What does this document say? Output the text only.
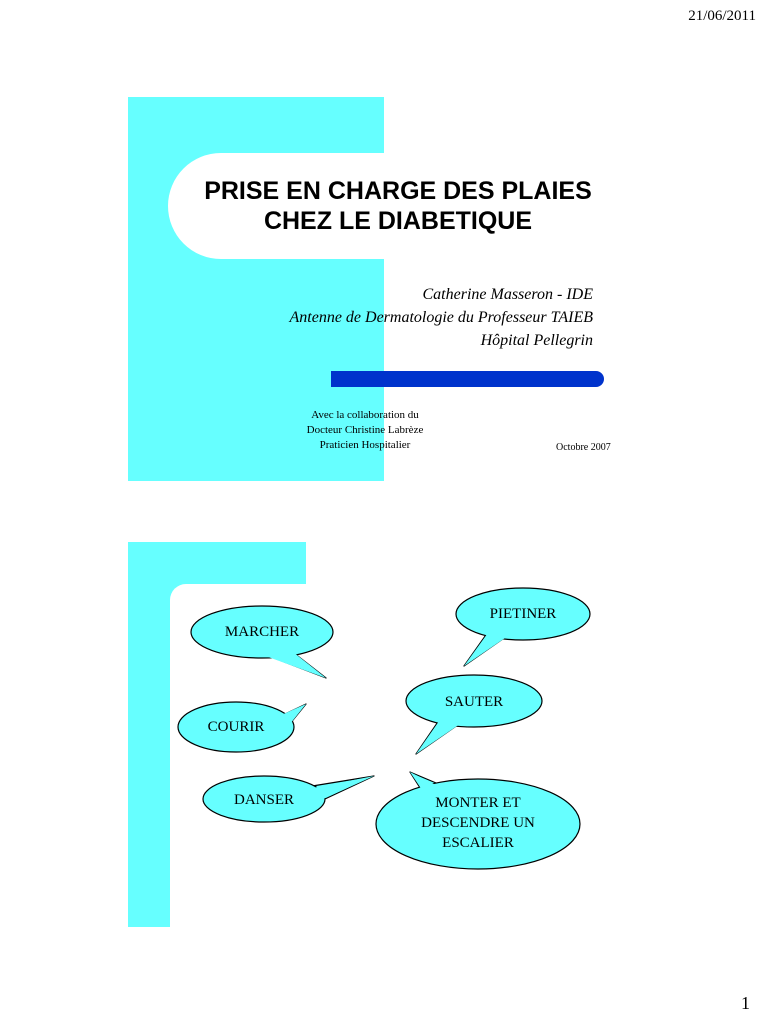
21/06/2011
PRISE EN CHARGE DES PLAIES
CHEZ LE DIABETIQUE
Catherine Masseron - IDE
Antenne de Dermatologie du Professeur TAIEB
Hôpital Pellegrin
Avec la collaboration du
Docteur Christine Labrèze
Praticien Hospitalier	Octobre 2007
MARCHER
PIETINER
SAUTER
COURIR
DANSER	MONTER ET
DESCENDRE UN
ESCALIER
1
